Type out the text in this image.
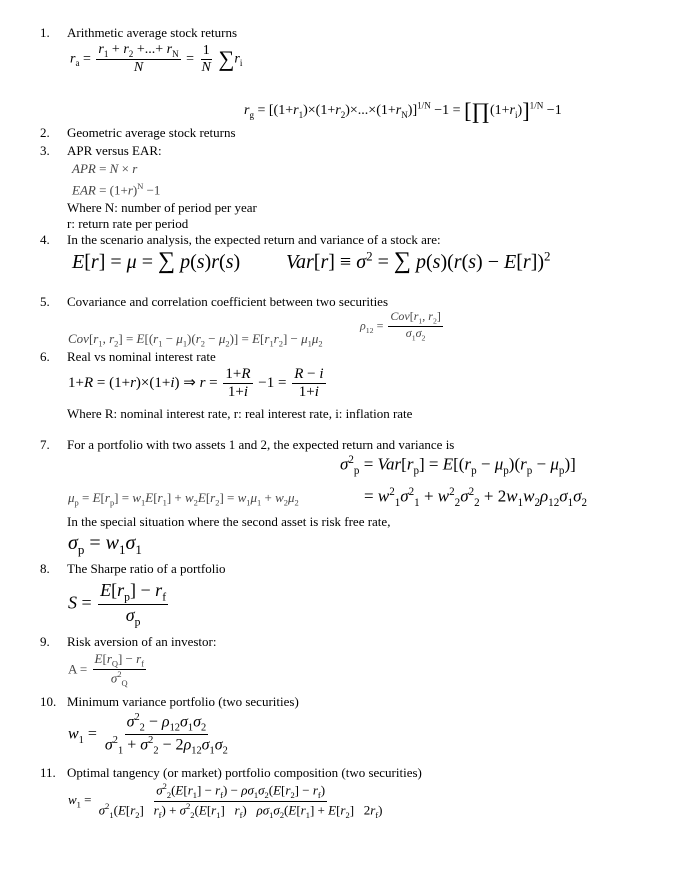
1. Arithmetic average stock returns
$r_a = \frac{r_1 + r_2 +...+ r_N}{N} = \frac{1}{N} \sum r_i$
$r_g = [(1+r_1)\times(1+r_2)\times...\times(1+r_N)]^{1/N} -1$ = $[\prod(1+r_i)]^{1/N} -1$
2. Geometric average stock returns
3. APR versus EAR:
APR = N × r
EAR = $(1+r)^N -1$
Where N: number of period per year
r: return rate per period
4. In the scenario analysis, the expected return and variance of a stock are:
E[r] = μ = ∑ p(s)r(s) $Var[r] \equiv \sigma^2$ = ∑ $p(s)(r(s) - E[r])^2$
5. Covariance and correlation coefficient between two securities
$\rho_{12} = \frac{Cov[r_1, r_2]}{\sigma_1\sigma_2}$
$Cov[r_1$, $r_2] = E[(r_1 - \mu_1)(r_2 - \mu_2)] = E[r_1r_2] - \mu_1\mu_2$
6. Real vs nominal interest rate
1+R = (1+r)×(1+i) ⇒ $r = \frac{1+R}{1+i} -1 = \frac{R - i}{1+i}$
Where R: nominal interest rate, r: real interest rate, i: inflation rate
7. For a portfolio with two assets 1 and 2, the expected return and variance is
$\sigma^2_p = Var[r_p] = E[(r_p - \mu_p)(r_p - \mu_p)]$
$\mu_p = E[r_p] = w_1E[r_1] + w_2E[r_2] = w_1\mu_1 + w_2\mu_2$	= $w^2_1\sigma^2_1 + w^2_2\sigma^2_2 + 2w_1w_2\rho_{12}\sigma_1\sigma_2$
In the special situation where the second asset is risk free rate,
$\sigma_p = w_1\sigma_1$
8. The Sharpe ratio of a portfolio
$S = \frac{E[r_p] - r_f}{\sigma_p}$
9. Risk aversion of an investor:
$A = \frac{E[r_Q] - r_f}{\sigma^2_Q}$
10. Minimum variance portfolio (two securities)
$w_1 = \frac{\sigma^2_2 - \rho_{12}\sigma_1\sigma_2}{\sigma^2_1 + \sigma^2_2 - 2\rho_{12}\sigma_1\sigma_2}$
11. Optimal tangency (or market) portfolio composition (two securities)
$w_1$ =
$\sigma^2_2(E[r_1] - r_f) - \rho\sigma_1\sigma_2(E[r_2] - r_f)$
$\sigma^2_1(E[r_2] r_f) + \sigma^2_2(E[r_1]$   $r_f$)   $\rho\sigma_1\sigma_2(E[r_1] + E[r_2]$   $2r_f$)
